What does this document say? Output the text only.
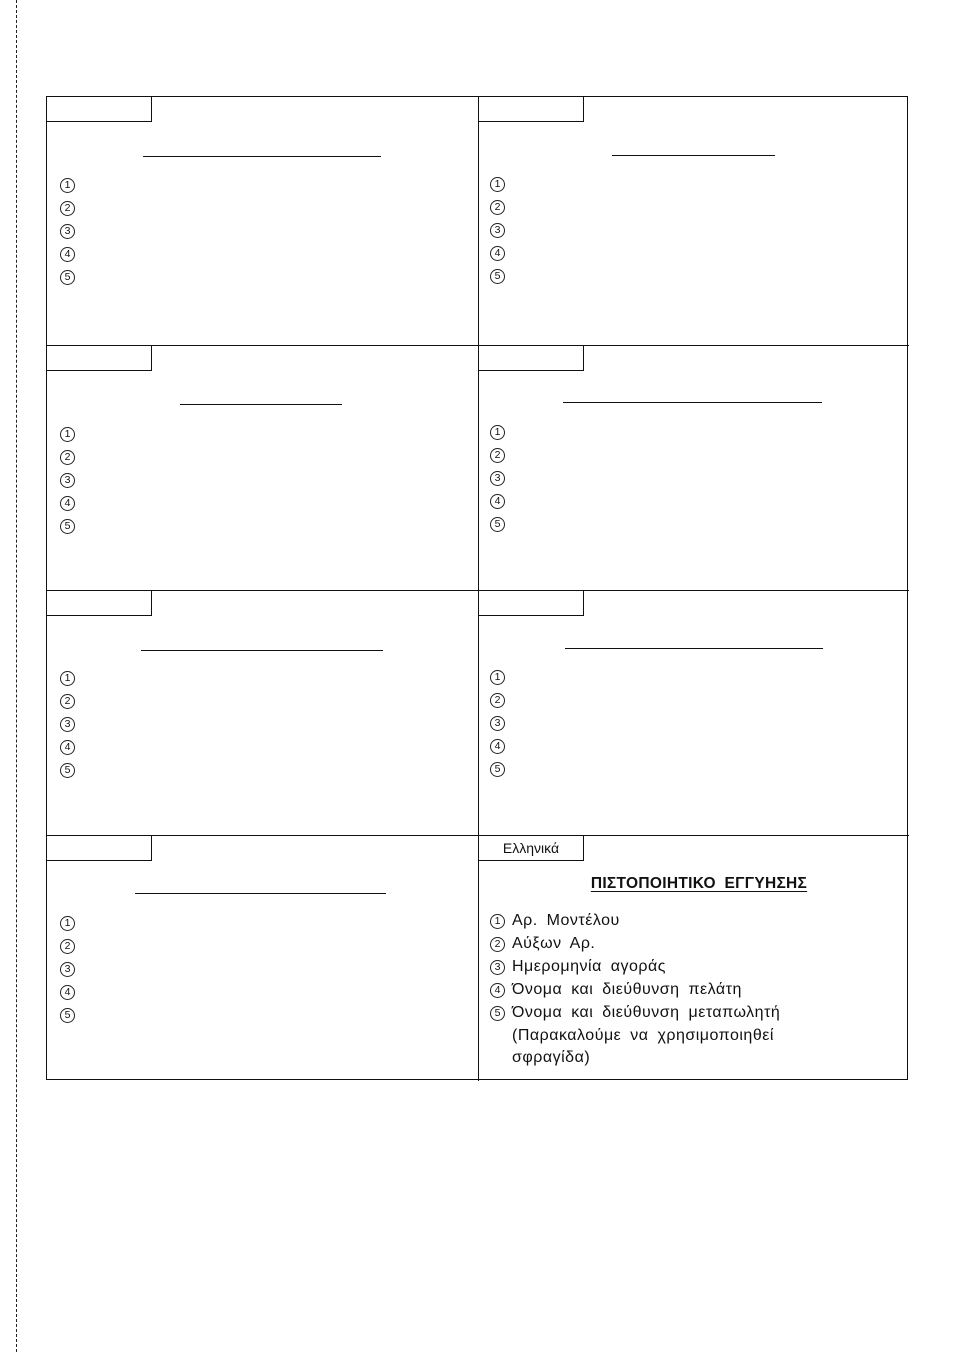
1
2
3
4
5
1
2
3
4
5
1
2
3
4
5
1
2
3
4
5
1
2
3
4
5
1
2
3
4
5
1
2
3
4
5
Ελληνικά
ΠΙΣΤΟΠΟΙΗΤΙΚΟ ΕΓΓΥΗΣΗΣ
1 Αρ. Μοντέλου
2 Αύξων Αρ.
3 Ημερομηνία αγοράς
4 Όνομα και διεύθυνση πελάτη
5 Όνομα και διεύθυνση μεταπωλητή
(Παρακαλούμε να χρησιμοποιηθεί
σφραγίδα)
